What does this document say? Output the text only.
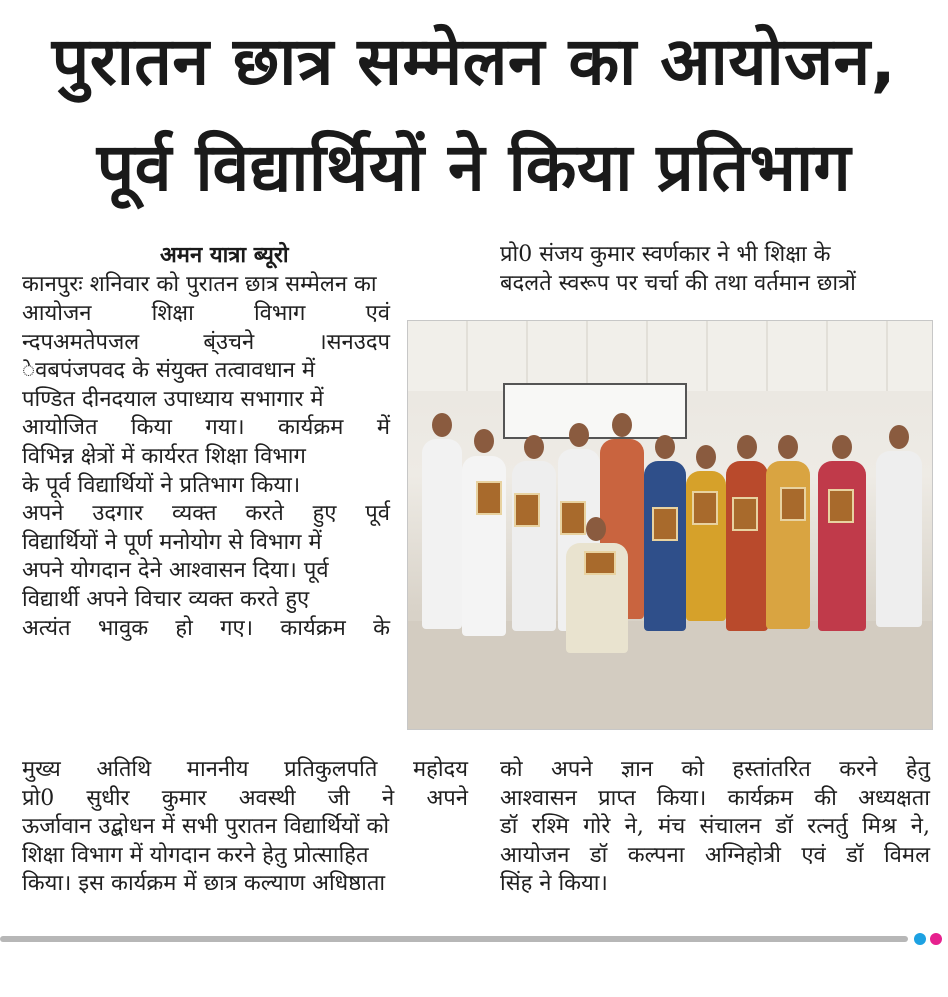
पुरातन छात्र सम्मेलन का आयोजन,
पूर्व विद्यार्थियों ने किया प्रतिभाग
अमन यात्रा ब्यूरो
कानपुरः शनिवार को पुरातन छात्र सम्मेलन का
आयोजन शिक्षा विभाग एवं
न्दपअमतेपजल ब्ंउचने ।सनउदप
ेवबपंजपवद के संयुक्त तत्वावधान में
पण्डित दीनदयाल उपाध्याय सभागार में
आयोजित किया गया। कार्यक्रम में
विभिन्न क्षेत्रों में कार्यरत शिक्षा विभाग
के पूर्व विद्यार्थियों ने प्रतिभाग किया।
अपने उदगार व्यक्त करते हुए पूर्व
विद्यार्थियों ने पूर्ण मनोयोग से विभाग में
अपने योगदान देने आश्वासन दिया। पूर्व
विद्यार्थी अपने विचार व्यक्त करते हुए
अत्यंत भावुक हो गए। कार्यक्रम के
मुख्य अतिथि माननीय प्रतिकुलपति महोदय
प्रो0 सुधीर कुमार अवस्थी जी ने अपने
ऊर्जावान उद्बोधन में सभी पुरातन विद्यार्थियों को
शिक्षा विभाग में योगदान करने हेतु प्रोत्साहित
किया। इस कार्यक्रम में छात्र कल्याण अधिष्ठाता
प्रो0 संजय कुमार स्वर्णकार ने भी शिक्षा के
बदलते स्वरूप पर चर्चा की तथा वर्तमान छात्रों
को अपने ज्ञान को हस्तांतरित करने हेतु
आश्वासन प्राप्त किया। कार्यक्रम की अध्यक्षता
डॉ रश्मि गोरे ने, मंच संचालन डॉ रत्नर्तु मिश्र ने,
आयोजन डॉ कल्पना अग्निहोत्री एवं डॉ विमल
सिंह ने किया।
